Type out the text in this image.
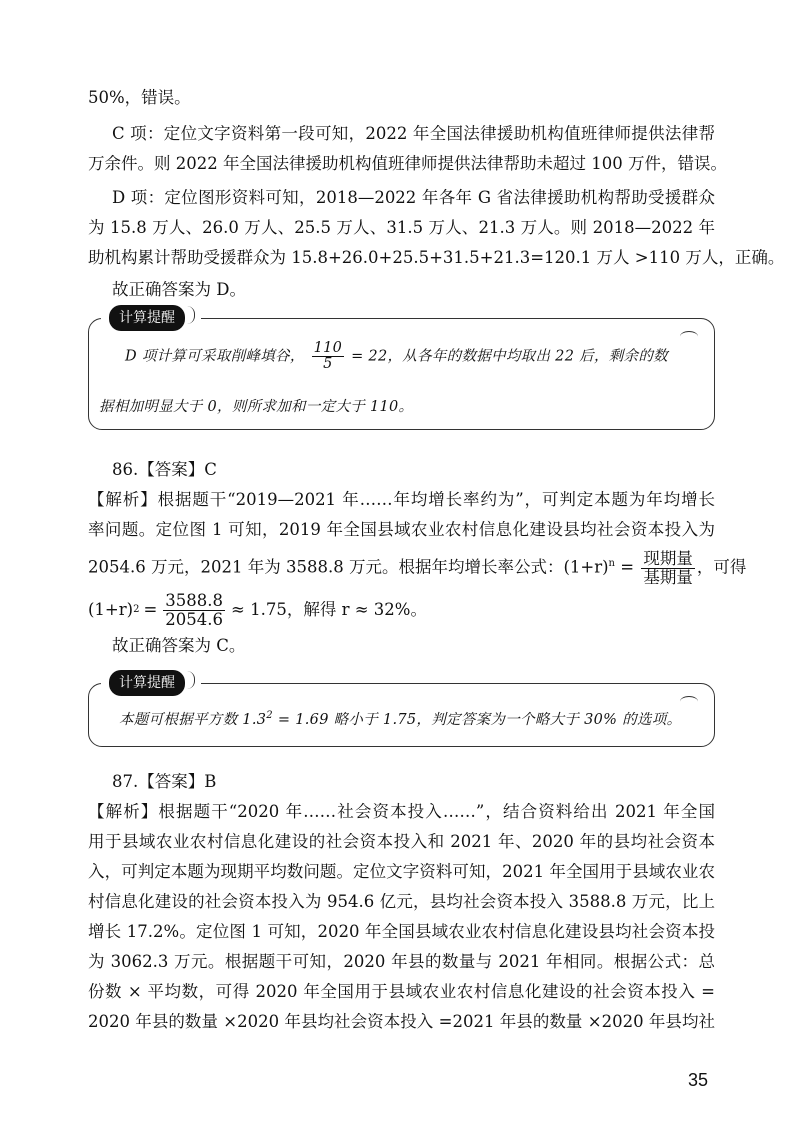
50%，错误。
C 项：定位文字资料第一段可知，2022 年全国法律援助机构值班律师提供法律帮
万余件。则 2022 年全国法律援助机构值班律师提供法律帮助未超过 100 万件，错误。
D 项：定位图形资料可知，2018—2022 年各年 G 省法律援助机构帮助受援群众
为 15.8 万人、26.0 万人、25.5 万人、31.5 万人、21.3 万人。则 2018—2022 年
助机构累计帮助受援群众为 15.8+26.0+25.5+31.5+21.3=120.1 万人 >110 万人，正确。
故正确答案为 D。
计算提醒
D 项计算可采取削峰填谷， $\frac{110}{5} = 22$，从各年的数据中均取出 22 后，剩余的数
据相加明显大于 0，则所求加和一定大于 110。
86.【答案】C
【解析】根据题干“2019—2021 年……年均增长率约为”，可判定本题为年均增长
率问题。定位图 1 可知，2019 年全国县域农业农村信息化建设县均社会资本投入为
2054.6 万元，2021 年为 3588.8 万元。根据年均增长率公式：$(1+r)^n = \frac{\text{现期量}}{\text{基期量}}$ ，可得
(1+r) $2 = \frac{3588.8}{2054.6} \approx 1.75$，解得 r ≈ 32%。
故正确答案为 C。
计算提醒
本题可根据平方数 $1.3^2 = 1.69$ 略小于 1.75，判定答案为一个略大于 30% 的选项。
87.【答案】B
【解析】根据题干“2020 年……社会资本投入……”，结合资料给出 2021 年全国
用于县域农业农村信息化建设的社会资本投入和 2021 年、2020 年的县均社会资本
入，可判定本题为现期平均数问题。定位文字资料可知，2021 年全国用于县域农业农
村信息化建设的社会资本投入为 954.6 亿元，县均社会资本投入 3588.8 万元，比上
增长 17.2%。定位图 1 可知，2020 年全国县域农业农村信息化建设县均社会资本投
为 3062.3 万元。根据题干可知，2020 年县的数量与 2021 年相同。根据公式：总
份数 × 平均数，可得 2020 年全国用于县域农业农村信息化建设的社会资本投入 =
2020 年县的数量 ×2020 年县均社会资本投入 =2021 年县的数量 ×2020 年县均社
35
